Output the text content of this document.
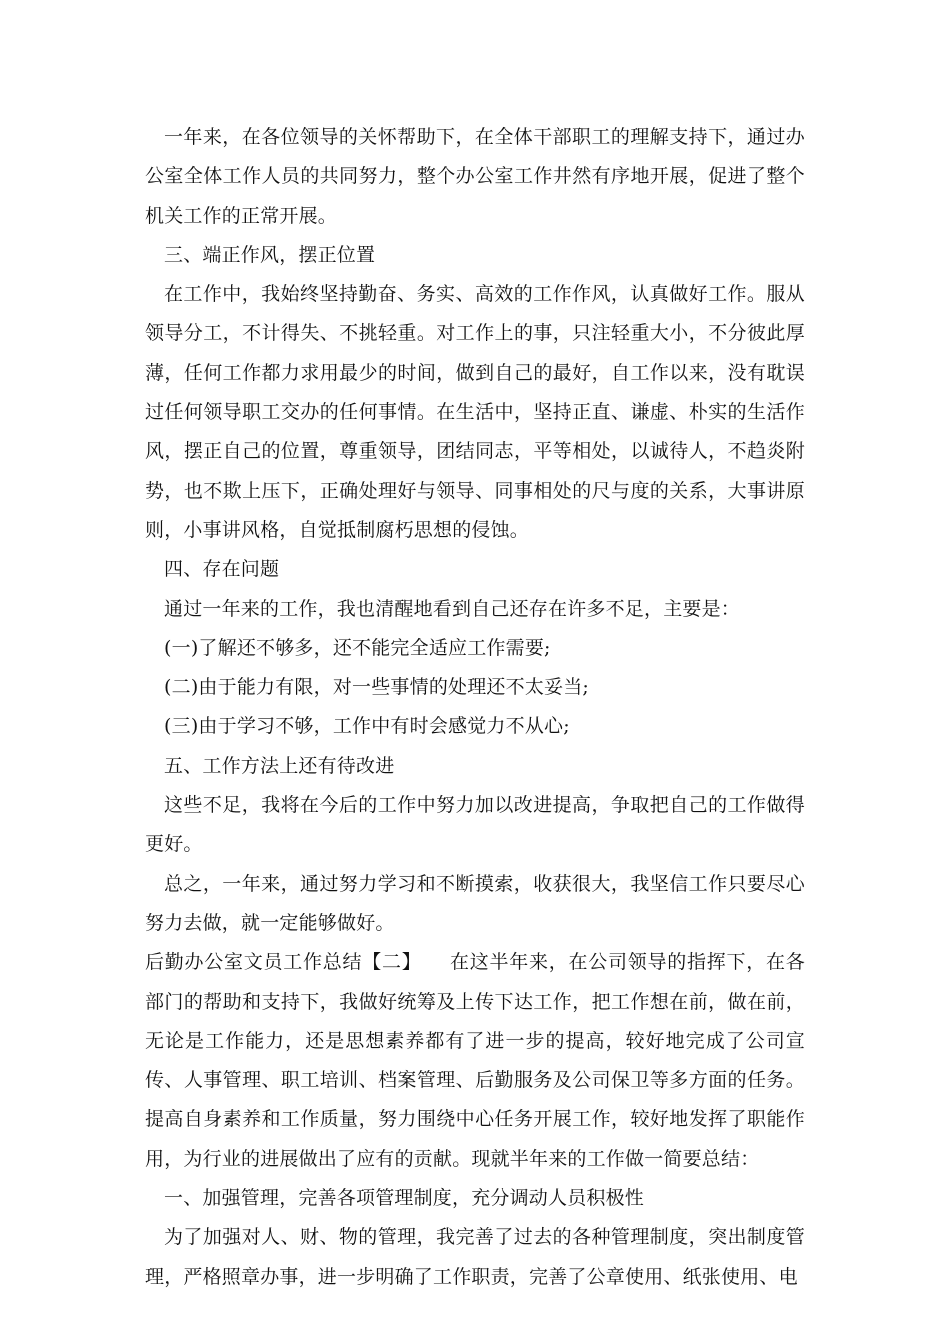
一年来，在各位领导的关怀帮助下，在全体干部职工的理解支持下，通过办公室全体工作人员的共同努力，整个办公室工作井然有序地开展，促进了整个机关工作的正常开展。

三、端正作风，摆正位置

在工作中，我始终坚持勤奋、务实、高效的工作作风，认真做好工作。服从领导分工，不计得失、不挑轻重。对工作上的事，只注轻重大小，不分彼此厚薄，任何工作都力求用最少的时间，做到自己的最好，自工作以来，没有耽误过任何领导职工交办的任何事情。在生活中，坚持正直、谦虚、朴实的生活作风，摆正自己的位置，尊重领导，团结同志，平等相处，以诚待人，不趋炎附势，也不欺上压下，正确处理好与领导、同事相处的尺与度的关系，大事讲原则，小事讲风格，自觉抵制腐朽思想的侵蚀。

四、存在问题

通过一年来的工作，我也清醒地看到自己还存在许多不足，主要是：

(一)了解还不够多，还不能完全适应工作需要;

(二)由于能力有限，对一些事情的处理还不太妥当;

(三)由于学习不够，工作中有时会感觉力不从心;

五、工作方法上还有待改进

这些不足，我将在今后的工作中努力加以改进提高，争取把自己的工作做得更好。

总之，一年来，通过努力学习和不断摸索，收获很大，我坚信工作只要尽心努力去做，就一定能够做好。

后勤办公室文员工作总结【二】 在这半年来，在公司领导的指挥下，在各部门的帮助和支持下，我做好统筹及上传下达工作，把工作想在前，做在前，无论是工作能力，还是思想素养都有了进一步的提高，较好地完成了公司宣传、人事管理、职工培训、档案管理、后勤服务及公司保卫等多方面的任务。提高自身素养和工作质量，努力围绕中心任务开展工作，较好地发挥了职能作用，为行业的进展做出了应有的贡献。现就半年来的工作做一简要总结：

一、加强管理，完善各项管理制度，充分调动人员积极性

为了加强对人、财、物的管理，我完善了过去的各种管理制度，突出制度管理，严格照章办事，进一步明确了工作职责，完善了公章使用、纸张使用、电
